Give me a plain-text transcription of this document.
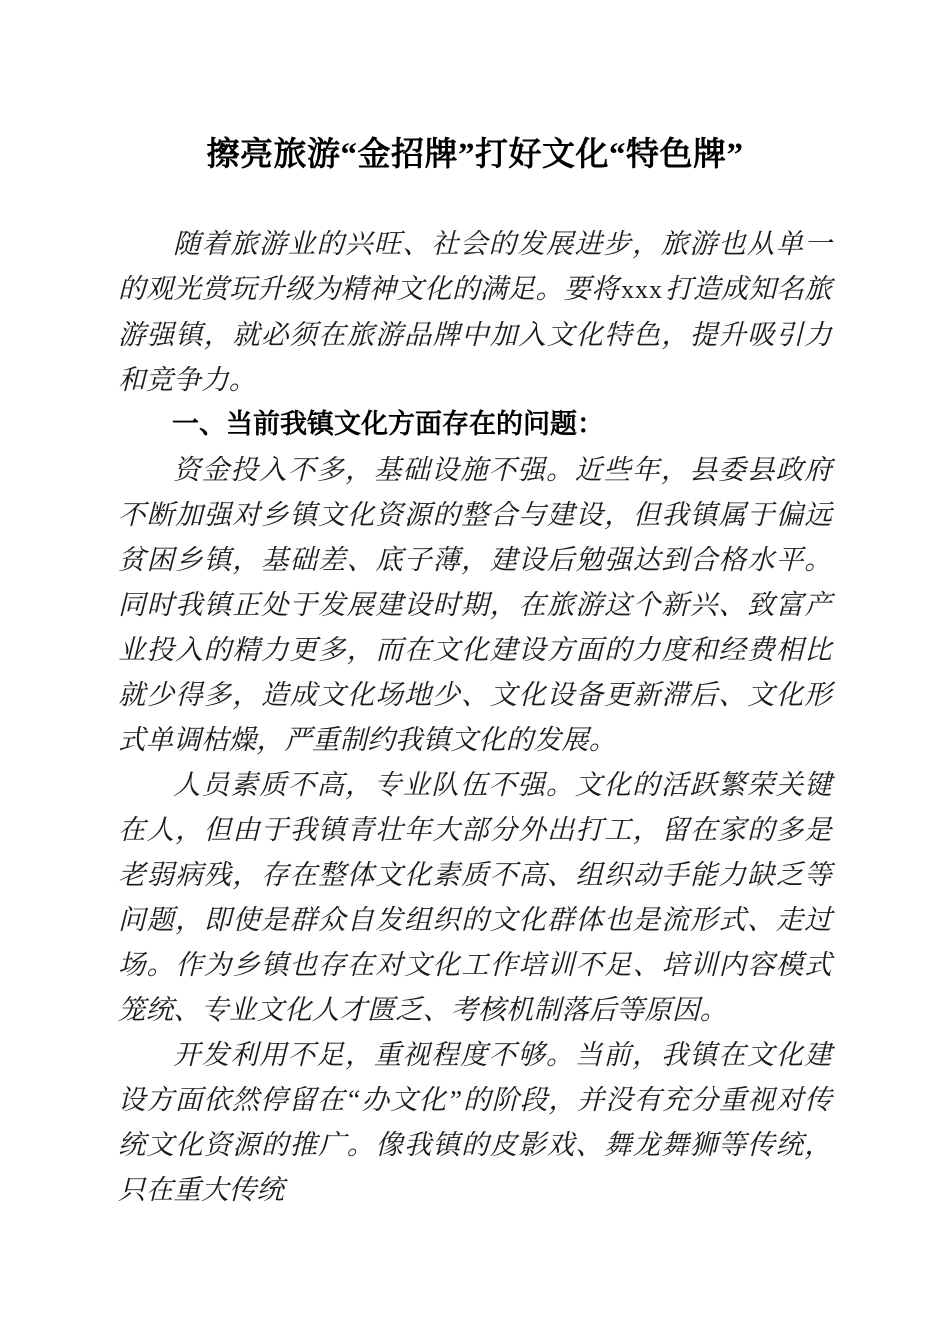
擦亮旅游“金招牌”打好文化“特色牌”

随着旅游业的兴旺、社会的发展进步，旅游也从单一的观光赏玩升级为精神文化的满足。要将xxx打造成知名旅游强镇，就必须在旅游品牌中加入文化特色，提升吸引力和竞争力。

一、当前我镇文化方面存在的问题：

资金投入不多，基础设施不强。近些年，县委县政府不断加强对乡镇文化资源的整合与建设，但我镇属于偏远贫困乡镇，基础差、底子薄，建设后勉强达到合格水平。同时我镇正处于发展建设时期，在旅游这个新兴、致富产业投入的精力更多，而在文化建设方面的力度和经费相比就少得多，造成文化场地少、文化设备更新滞后、文化形式单调枯燥，严重制约我镇文化的发展。

人员素质不高，专业队伍不强。文化的活跃繁荣关键在人，但由于我镇青壮年大部分外出打工，留在家的多是老弱病残，存在整体文化素质不高、组织动手能力缺乏等问题，即使是群众自发组织的文化群体也是流形式、走过场。作为乡镇也存在对文化工作培训不足、培训内容模式笼统、专业文化人才匮乏、考核机制落后等原因。

开发利用不足，重视程度不够。当前，我镇在文化建设方面依然停留在“办文化”的阶段，并没有充分重视对传统文化资源的推广。像我镇的皮影戏、舞龙舞狮等传统，只在重大传统
